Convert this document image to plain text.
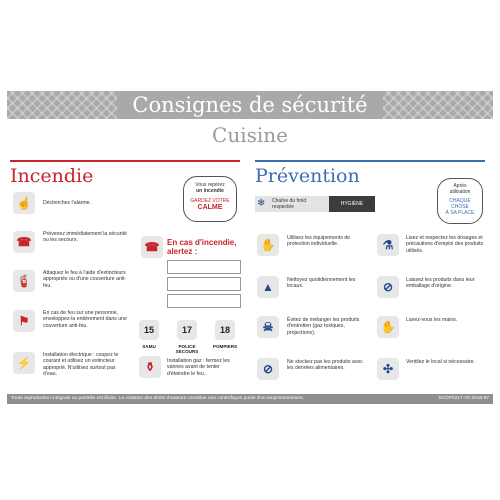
Consignes de sécurité
Cuisine
Incendie	Prévention
Vous repérez
un incendie
GARDEZ VOTRE
CALME
Après
utilisation
CHAQUE
CHOSE
À SA PLACE
❄ Chaîne du froid respectée	HYGIÈNE GARANTIE
Toute reproduction intégrale ou partielle est illicite. La violation des droits d'auteurs constitue une contrefaçon punie d'un emprisonnement.	SCOP0217-V0 2018-07
☝	Déclenchez l'alarme.
☎
Prévenez immédiatement la sécurité ou les secours.
🧯
Attaquez le feu à l'aide d'extincteurs appropriés ou d'une couverture anti-feu.
⚑
En cas de feu sur une personne, enveloppez-la entièrement dans une couverture anti-feu.
⚡
Installation électrique : coupez le courant et utilisez un extincteur approprié. N'utilisez surtout pas d'eau.
☎ En cas d'incendie, alertez :
15
SAMU
17
POLICE SECOURS
18
POMPIERS
⚱	Installation gaz : fermez les vannes avant de tenter d'éteindre le feu.
✋	Utilisez les équipements de protection individuelle.
▲	Nettoyez quotidiennement les locaux.
☠	Évitez de mélanger les produits d'entretien (gaz toxiques, projections).
⊘	Ne stockez pas les produits avec les denrées alimentaires.
⚗	Lisez et respectez les dosages et précautions d'emploi des produits utilisés.
⊘	Laissez les produits dans leur emballage d'origine.
✋	Lavez-vous les mains.
✣	Ventilez le local si nécessaire.
